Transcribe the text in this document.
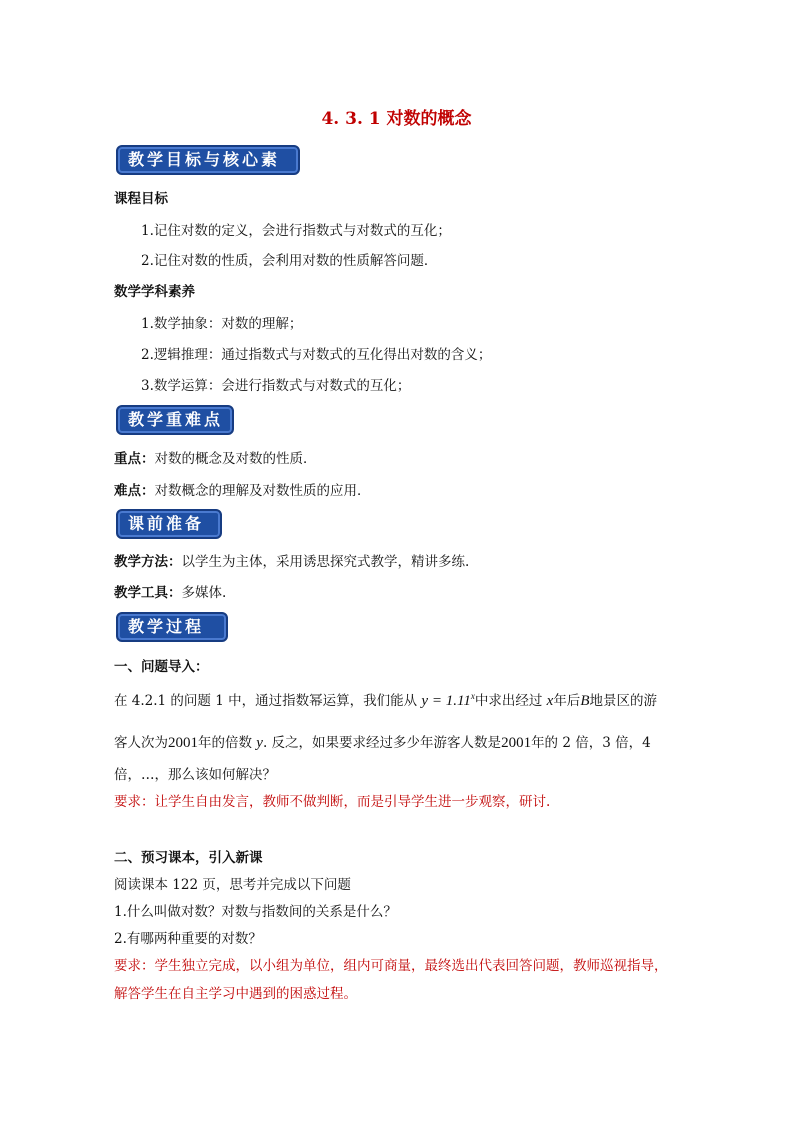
4. 3. 1 对数的概念
教学目标与核心素养
课程目标
1.记住对数的定义，会进行指数式与对数式的互化；
2.记住对数的性质，会利用对数的性质解答问题．
数学学科素养
1.数学抽象：对数的理解；
2.逻辑推理：通过指数式与对数式的互化得出对数的含义；
3.数学运算：会进行指数式与对数式的互化；
教学重难点
重点：对数的概念及对数的性质．
难点：对数概念的理解及对数性质的应用．
课前准备
教学方法：以学生为主体，采用诱思探究式教学，精讲多练.
教学工具：多媒体.
教学过程
一、问题导入：
在 4.2.1 的问题 1 中，通过指数幂运算，我们能从 $y = 1.11^x$中求出经过 x年后B地景区的游
客人次为2001年的倍数 y. 反之，如果要求经过多少年游客人数是2001年的 2 倍，3 倍，4
倍，…，那么该如何解决？
要求：让学生自由发言，教师不做判断，而是引导学生进一步观察，研讨.
二、预习课本，引入新课
阅读课本 122 页，思考并完成以下问题
1.什么叫做对数？对数与指数间的关系是什么？
2.有哪两种重要的对数？
要求：学生独立完成，以小组为单位，组内可商量，最终选出代表回答问题，教师巡视指导，
解答学生在自主学习中遇到的困惑过程。
